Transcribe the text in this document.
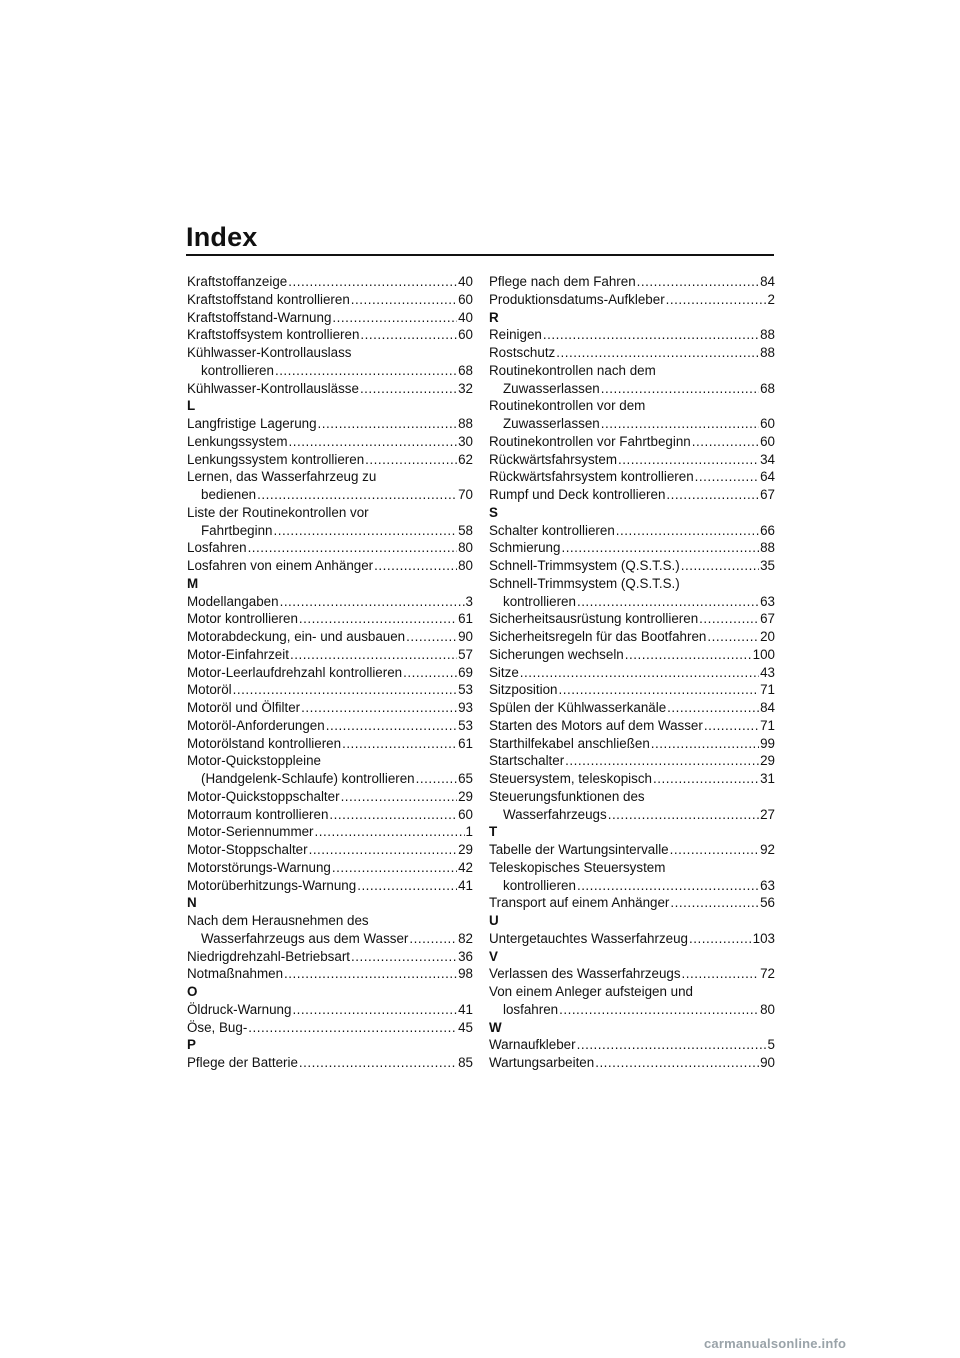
Index
Kraftstoffanzeige . . .	40
Kraftstoffstand kontrollieren . . .	60
Kraftstoffstand-Warnung . . .	40
Kraftstoffsystem kontrollieren . . .	60
Kühlwasser-Kontrollauslass
kontrollieren . . .	68
Kühlwasser-Kontrollauslässe . . .	32
L
Langfristige Lagerung . . .	88
Lenkungssystem . . .	30
Lenkungssystem kontrollieren . . .	62
Lernen, das Wasserfahrzeug zu
bedienen . . .	70
Liste der Routinekontrollen vor
Fahrtbeginn . . .	58
Losfahren . . .	80
Losfahren von einem Anhänger . . .	80
M
Modellangaben . . .	3
Motor kontrollieren . . .	61
Motorabdeckung, ein- und ausbauen . . .	90
Motor-Einfahrzeit . . .	57
Motor-Leerlaufdrehzahl kontrollieren . . .	69
Motoröl . . .	53
Motoröl und Ölfilter . . .	93
Motoröl-Anforderungen . . .	53
Motorölstand kontrollieren . . .	61
Motor-Quickstoppleine
(Handgelenk-Schlaufe) kontrollieren . . .	65
Motor-Quickstoppschalter . . .	29
Motorraum kontrollieren . . .	60
Motor-Seriennummer . . .	1
Motor-Stoppschalter . . .	29
Motorstörungs-Warnung . . .	42
Motorüberhitzungs-Warnung . . .	41
N
Nach dem Herausnehmen des
Wasserfahrzeugs aus dem Wasser . . .	82
Niedrigdrehzahl-Betriebsart . . .	36
Notmaßnahmen . . .	98
O
Öldruck-Warnung . . .	41
Öse, Bug- . . .	45
P
Pflege der Batterie . . .	85
Pflege nach dem Fahren . . .	84
Produktionsdatums-Aufkleber . . .	2
R
Reinigen . . .	88
Rostschutz . . .	88
Routinekontrollen nach dem
Zuwasserlassen . . .	68
Routinekontrollen vor dem
Zuwasserlassen . . .	60
Routinekontrollen vor Fahrtbeginn . . .	60
Rückwärtsfahrsystem . . .	34
Rückwärtsfahrsystem kontrollieren . . .	64
Rumpf und Deck kontrollieren . . .	67
S
Schalter kontrollieren . . .	66
Schmierung . . .	88
Schnell-Trimmsystem (Q.S.T.S.) . . .	35
Schnell-Trimmsystem (Q.S.T.S.)
kontrollieren . . .	63
Sicherheitsausrüstung kontrollieren . . .	67
Sicherheitsregeln für das Bootfahren . . .	20
Sicherungen wechseln . . .	100
Sitze . . .	43
Sitzposition . . .	71
Spülen der Kühlwasserkanäle . . .	84
Starten des Motors auf dem Wasser . . .	71
Starthilfekabel anschließen . . .	99
Startschalter . . .	29
Steuersystem, teleskopisch . . .	31
Steuerungsfunktionen des
Wasserfahrzeugs . . .	27
T
Tabelle der Wartungsintervalle . . .	92
Teleskopisches Steuersystem
kontrollieren . . .	63
Transport auf einem Anhänger . . .	56
U
Untergetauchtes Wasserfahrzeug . . .	103
V
Verlassen des Wasserfahrzeugs . . .	72
Von einem Anleger aufsteigen und
losfahren . . .	80
W
Warnaufkleber . . .	5
Wartungsarbeiten . . .	90
carmanualsonline.info
